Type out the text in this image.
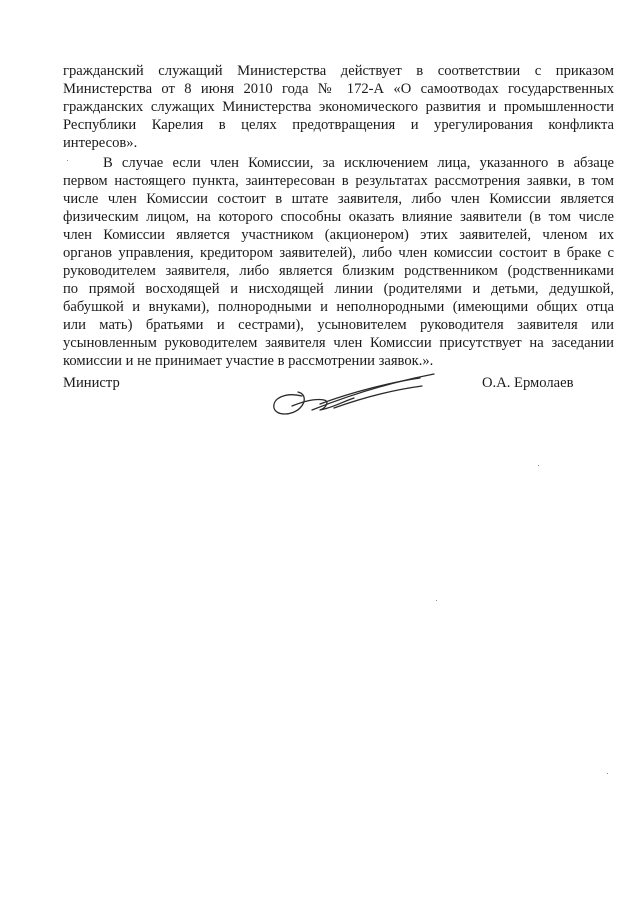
гражданский служащий Министерства действует в соответствии с приказом
Министерства от 8 июня 2010 года № 172-А «О самоотводах государственных
гражданских служащих Министерства экономического развития и промышленности
Республики Карелия в целях предотвращения и урегулирования конфликта
интересов».
В случае если член Комиссии, за исключением лица, указанного в абзаце
первом настоящего пункта, заинтересован в результатах рассмотрения заявки, в том
числе член Комиссии состоит в штате заявителя, либо член Комиссии является
физическим лицом, на которого способны оказать влияние заявители (в том числе
член Комиссии является участником (акционером) этих заявителей, членом их
органов управления, кредитором заявителей), либо член комиссии состоит в браке с
руководителем заявителя, либо является близким родственником (родственниками
по прямой восходящей и нисходящей линии (родителями и детьми, дедушкой,
бабушкой и внуками), полнородными и неполнородными (имеющими общих отца
или мать) братьями и сестрами), усыновителем руководителя заявителя или
усыновленным руководителем заявителя член Комиссии присутствует на заседании
комиссии и не принимает участие в рассмотрении заявок.».
Министр	О.А. Ермолаев
